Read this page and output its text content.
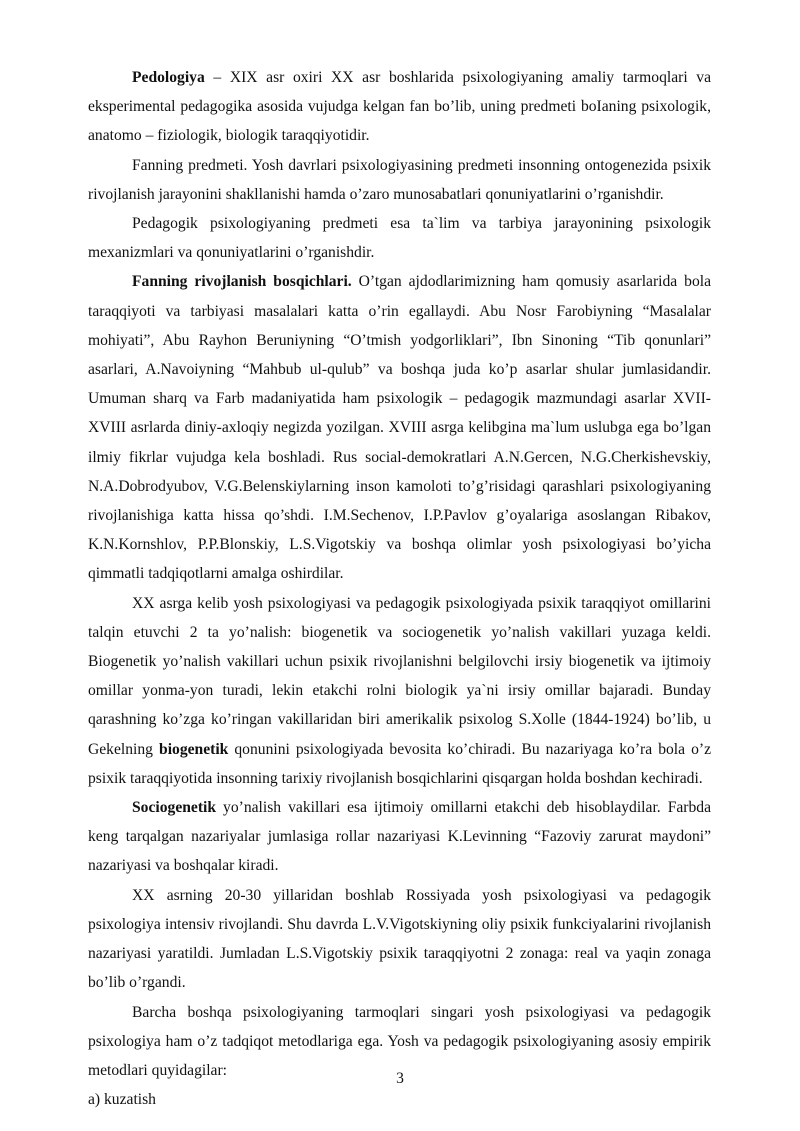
Pedologiya – XIX asr oxiri XX asr boshlarida psixologiyaning amaliy tarmoqlari va eksperimental pedagogika asosida vujudga kelgan fan bo’lib, uning predmeti boIaning psixologik, anatomo – fiziologik, biologik taraqqiyotidir.

Fanning predmeti. Yosh davrlari psixologiyasining predmeti insonning ontogenezida psixik rivojlanish jarayonini shakllanishi hamda o’zaro munosabatlari qonuniyatlarini o’rganishdir.

Pedagogik psixologiyaning predmeti esa ta`lim va tarbiya jarayonining psixologik mexanizmlari va qonuniyatlarini o’rganishdir.

Fanning rivojlanish bosqichlari. O’tgan ajdodlarimizning ham qomusiy asarlarida bola taraqqiyoti va tarbiyasi masalalari katta o’rin egallaydi. Abu Nosr Farobiyning “Masalalar mohiyati”, Abu Rayhon Beruniyning “O’tmish yodgorliklari”, Ibn Sinoning “Tib qonunlari” asarlari, A.Navoiyning “Mahbub ul-qulub” va boshqa juda ko’p asarlar shular jumlasidandir. Umuman sharq va Farb madaniyatida ham psixologik – pedagogik mazmundagi asarlar XVII-XVIII asrlarda diniy-axloqiy negizda yozilgan. XVIII asrga kelibgina ma`lum uslubga ega bo’lgan ilmiy fikrlar vujudga kela boshladi. Rus social-demokratlari A.N.Gercen, N.G.Cherkishevskiy, N.A.Dobrodyubov, V.G.Belenskiylarning inson kamoloti to’g’risidagi qarashlari psixologiyaning rivojlanishiga katta hissa qo’shdi. I.M.Sechenov, I.P.Pavlov g’oyalariga asoslangan Ribakov, K.N.Kornshlov, P.P.Blonskiy, L.S.Vigotskiy va boshqa olimlar yosh psixologiyasi bo’yicha qimmatli tadqiqotlarni amalga oshirdilar.

XX asrga kelib yosh psixologiyasi va pedagogik psixologiyada psixik taraqqiyot omillarini talqin etuvchi 2 ta yo’nalish: biogenetik va sociogenetik yo’nalish vakillari yuzaga keldi. Biogenetik yo’nalish vakillari uchun psixik rivojlanishni belgilovchi irsiy biogenetik va ijtimoiy omillar yonma-yon turadi, lekin etakchi rolni biologik ya`ni irsiy omillar bajaradi. Bunday qarashning ko’zga ko’ringan vakillaridan biri amerikalik psixolog S.Xolle (1844-1924) bo’lib, u Gekelning biogenetik qonunini psixologiyada bevosita ko’chiradi. Bu nazariyaga ko’ra bola o’z psixik taraqqiyotida insonning tarixiy rivojlanish bosqichlarini qisqargan holda boshdan kechiradi.

Sociogenetik yo’nalish vakillari esa ijtimoiy omillarni etakchi deb hisoblaydilar. Farbda keng tarqalgan nazariyalar jumlasiga rollar nazariyasi K.Levinning “Fazoviy zarurat maydoni” nazariyasi va boshqalar kiradi.

XX asrning 20-30 yillaridan boshlab Rossiyada yosh psixologiyasi va pedagogik psixologiya intensiv rivojlandi. Shu davrda L.V.Vigotskiyning oliy psixik funkciyalarini rivojlanish nazariyasi yaratildi. Jumladan L.S.Vigotskiy psixik taraqqiyotni 2 zonaga: real va yaqin zonaga bo’lib o’rgandi.

Barcha boshqa psixologiyaning tarmoqlari singari yosh psixologiyasi va pedagogik psixologiya ham o’z tadqiqot metodlariga ega. Yosh va pedagogik psixologiyaning asosiy empirik metodlari quyidagilar:

a) kuzatish

3
